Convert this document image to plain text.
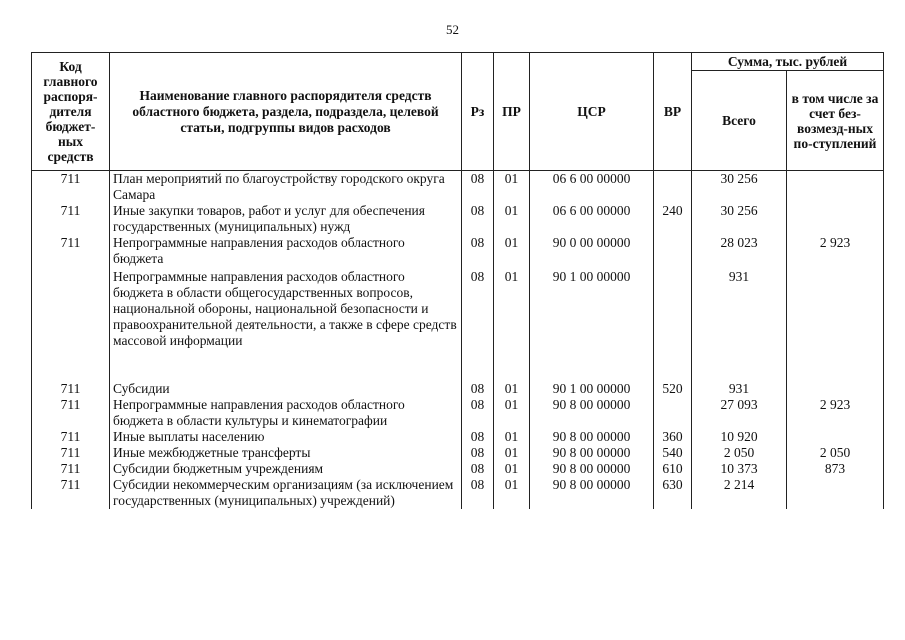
52
Код главного распоря-дителя бюджет-ных средств	Наименование главного распорядителя средств областного бюджета, раздела, подраздела, целевой статьи, подгруппы видов расходов	Рз	ПР	ЦСР	ВР	Сумма, тыс. рублей	
						Всего	в том числе за счет без-возмезд-ных по-ступлений
711	План мероприятий по благоустройству городского округа Самара	08	01	06 6 00 00000		30 256	
711	Иные закупки товаров, работ и услуг для обеспечения государственных (муниципальных) нужд	08	01	06 6 00 00000	240	30 256	
711	Непрограммные направления расходов областного бюджета	08	01	90 0 00 00000		28 023	2 923
	Непрограммные направления расходов областного бюджета в области общегосударственных вопросов, национальной обороны, национальной безопасности и правоохранительной деятельности, а также в сфере средств массовой информации	08	01	90 1 00 00000		931	
711	Субсидии	08	01	90 1 00 00000	520	931	
711	Непрограммные направления расходов областного бюджета в области культуры и кинематографии	08	01	90 8 00 00000		27 093	2 923
711	Иные выплаты населению	08	01	90 8 00 00000	360	10 920	
711	Иные межбюджетные трансферты	08	01	90 8 00 00000	540	2 050	2 050
711	Субсидии бюджетным учреждениям	08	01	90 8 00 00000	610	10 373	873
711	Субсидии некоммерческим организациям (за исключением государственных (муниципальных) учреждений)	08	01	90 8 00 00000	630	2 214	
